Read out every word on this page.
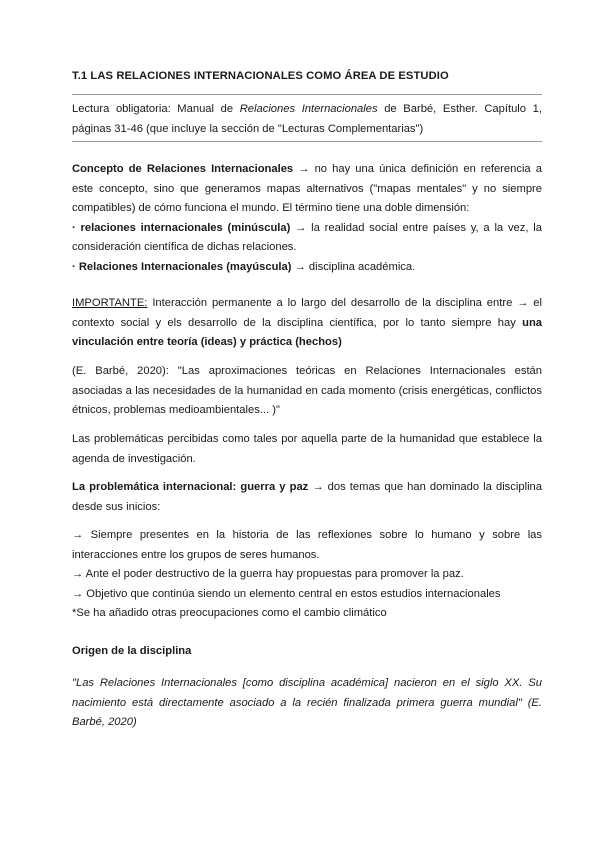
T.1 LAS RELACIONES INTERNACIONALES COMO ÁREA DE ESTUDIO
Lectura obligatoria: Manual de Relaciones Internacionales de Barbé, Esther. Capítulo 1, páginas 31-46 (que incluye la sección de "Lecturas Complementarias")
Concepto de Relaciones Internacionales → no hay una única definición en referencia a este concepto, sino que generamos mapas alternativos ("mapas mentales" y no siempre compatibles) de cómo funciona el mundo. El término tiene una doble dimensión:
· relaciones internacionales (minúscula) → la realidad social entre países y, a la vez, la consideración científica de dichas relaciones.
· Relaciones Internacionales (mayúscula) → disciplina académica.
IMPORTANTE: Interacción permanente a lo largo del desarrollo de la disciplina entre → el contexto social y els desarrollo de la disciplina científica, por lo tanto siempre hay una vinculación entre teoría (ideas) y práctica (hechos)
(E. Barbé, 2020): "Las aproximaciones teóricas en Relaciones Internacionales están asociadas a las necesidades de la humanidad en cada momento (crisis energéticas, conflictos étnicos, problemas medioambientales... )"
Las problemáticas percibidas como tales por aquella parte de la humanidad que establece la agenda de investigación.
La problemática internacional: guerra y paz → dos temas que han dominado la disciplina desde sus inicios:
→ Siempre presentes en la historia de las reflexiones sobre lo humano y sobre las interacciones entre los grupos de seres humanos.
→ Ante el poder destructivo de la guerra hay propuestas para promover la paz.
→ Objetivo que continúa siendo un elemento central en estos estudios internacionales
*Se ha añadido otras preocupaciones como el cambio climático
Origen de la disciplina
"Las Relaciones Internacionales [como disciplina académica] nacieron en el siglo XX. Su nacimiento está directamente asociado a la recién finalizada primera guerra mundial" (E. Barbé, 2020)
